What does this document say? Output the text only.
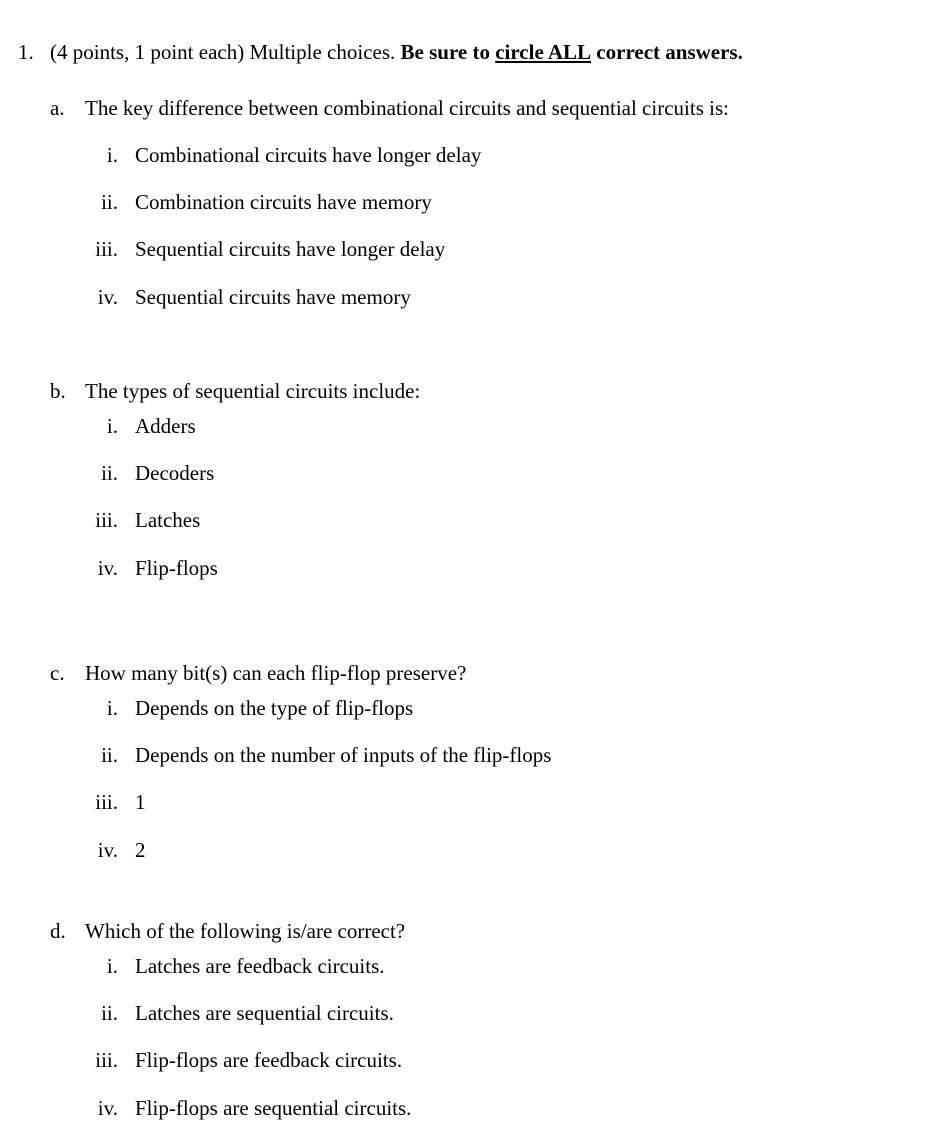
1. (4 points, 1 point each) Multiple choices. Be sure to circle ALL correct answers.
a. The key difference between combinational circuits and sequential circuits is:
i. Combinational circuits have longer delay
ii. Combination circuits have memory
iii. Sequential circuits have longer delay
iv. Sequential circuits have memory
b. The types of sequential circuits include:
i. Adders
ii. Decoders
iii. Latches
iv. Flip-flops
c. How many bit(s) can each flip-flop preserve?
i. Depends on the type of flip-flops
ii. Depends on the number of inputs of the flip-flops
iii. 1
iv. 2
d. Which of the following is/are correct?
i. Latches are feedback circuits.
ii. Latches are sequential circuits.
iii. Flip-flops are feedback circuits.
iv. Flip-flops are sequential circuits.
